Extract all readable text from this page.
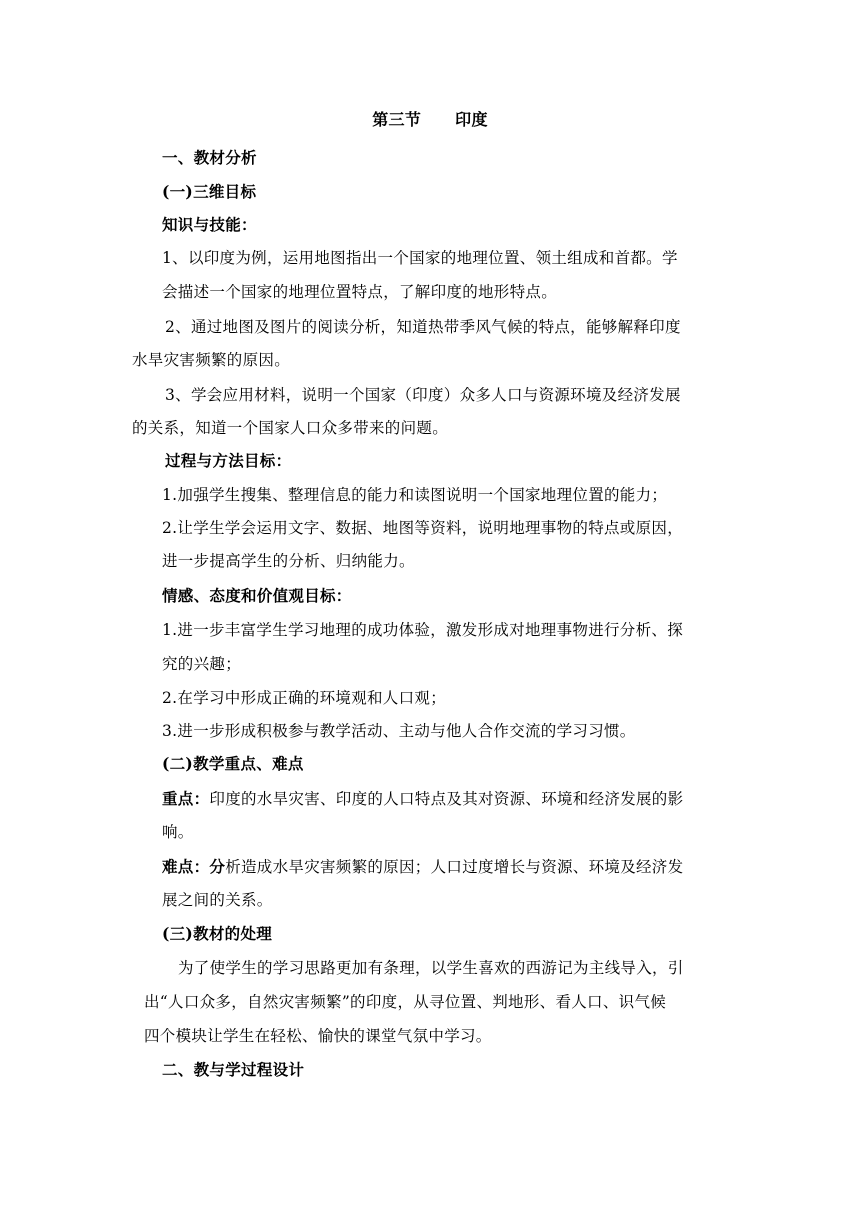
第三节 印度
一、教材分析
(一)三维目标
知识与技能：
1、以印度为例，运用地图指出一个国家的地理位置、领土组成和首都。学
会描述一个国家的地理位置特点，了解印度的地形特点。
2、通过地图及图片的阅读分析，知道热带季风气候的特点，能够解释印度
水旱灾害频繁的原因。
3、学会应用材料，说明一个国家（印度）众多人口与资源环境及经济发展
的关系，知道一个国家人口众多带来的问题。
过程与方法目标：
1.加强学生搜集、整理信息的能力和读图说明一个国家地理位置的能力；
2.让学生学会运用文字、数据、地图等资料，说明地理事物的特点或原因，
进一步提高学生的分析、归纳能力。
情感、态度和价值观目标：
1.进一步丰富学生学习地理的成功体验，激发形成对地理事物进行分析、探
究的兴趣；
2.在学习中形成正确的环境观和人口观；
3.进一步形成积极参与教学活动、主动与他人合作交流的学习习惯。
(二)教学重点、难点
重点：印度的水旱灾害、印度的人口特点及其对资源、环境和经济发展的影
响。
难点：分析造成水旱灾害频繁的原因；人口过度增长与资源、环境及经济发
展之间的关系。
(三)教材的处理
为了使学生的学习思路更加有条理，以学生喜欢的西游记为主线导入，引
出“人口众多，自然灾害频繁”的印度，从寻位置、判地形、看人口、识气候
四个模块让学生在轻松、愉快的课堂气氛中学习。
二、教与学过程设计
